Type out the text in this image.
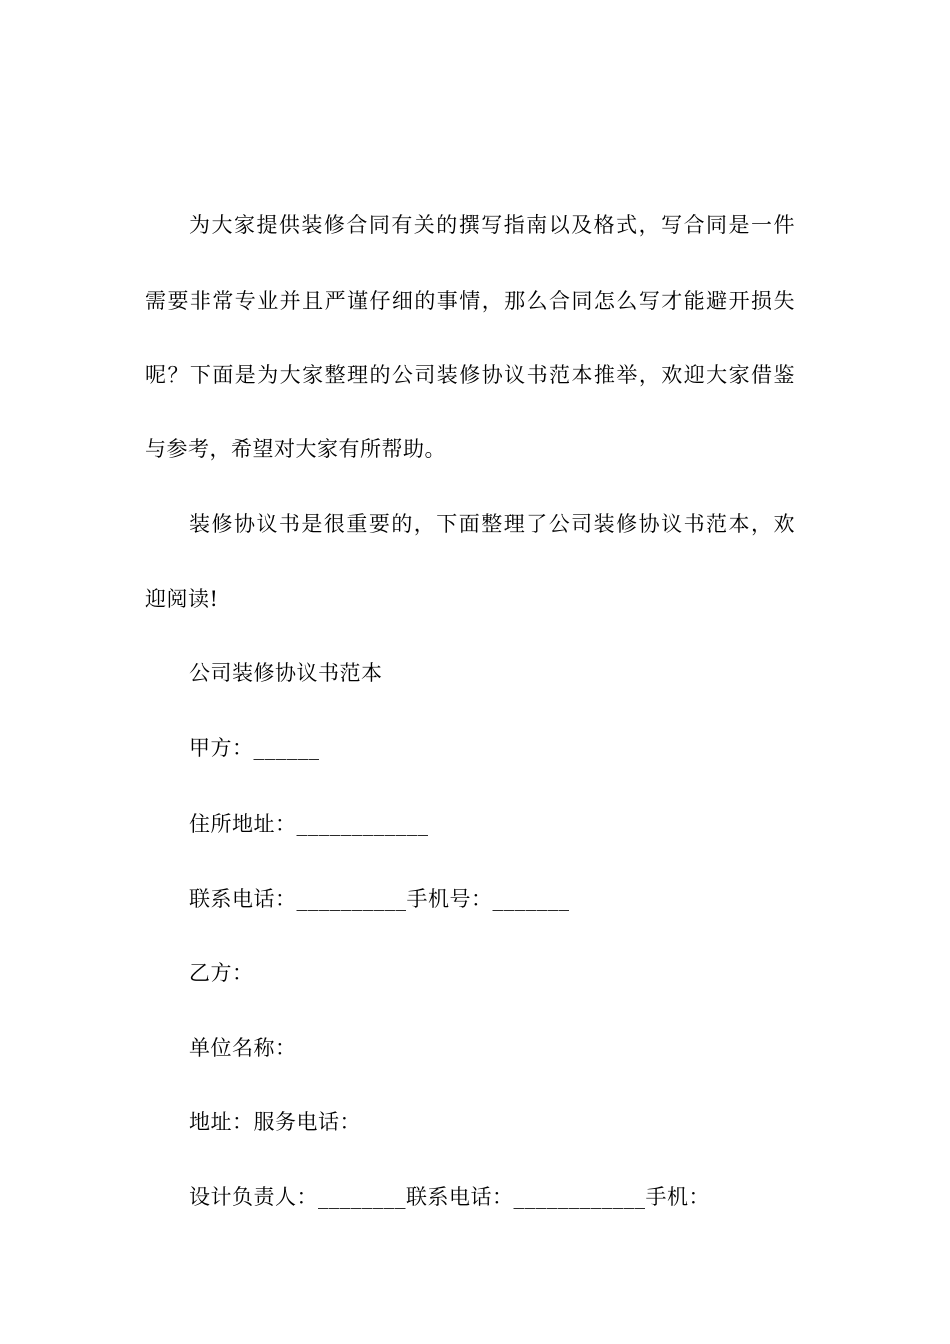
为大家提供装修合同有关的撰写指南以及格式，写合同是一件
需要非常专业并且严谨仔细的事情，那么合同怎么写才能避开损失
呢？下面是为大家整理的公司装修协议书范本推举，欢迎大家借鉴
与参考，希望对大家有所帮助。
装修协议书是很重要的，下面整理了公司装修协议书范本，欢
迎阅读!
公司装修协议书范本
甲方：______
住所地址：____________
联系电话：__________手机号：_______
乙方：
单位名称：
地址：服务电话：
设计负责人：________联系电话：____________手机：
